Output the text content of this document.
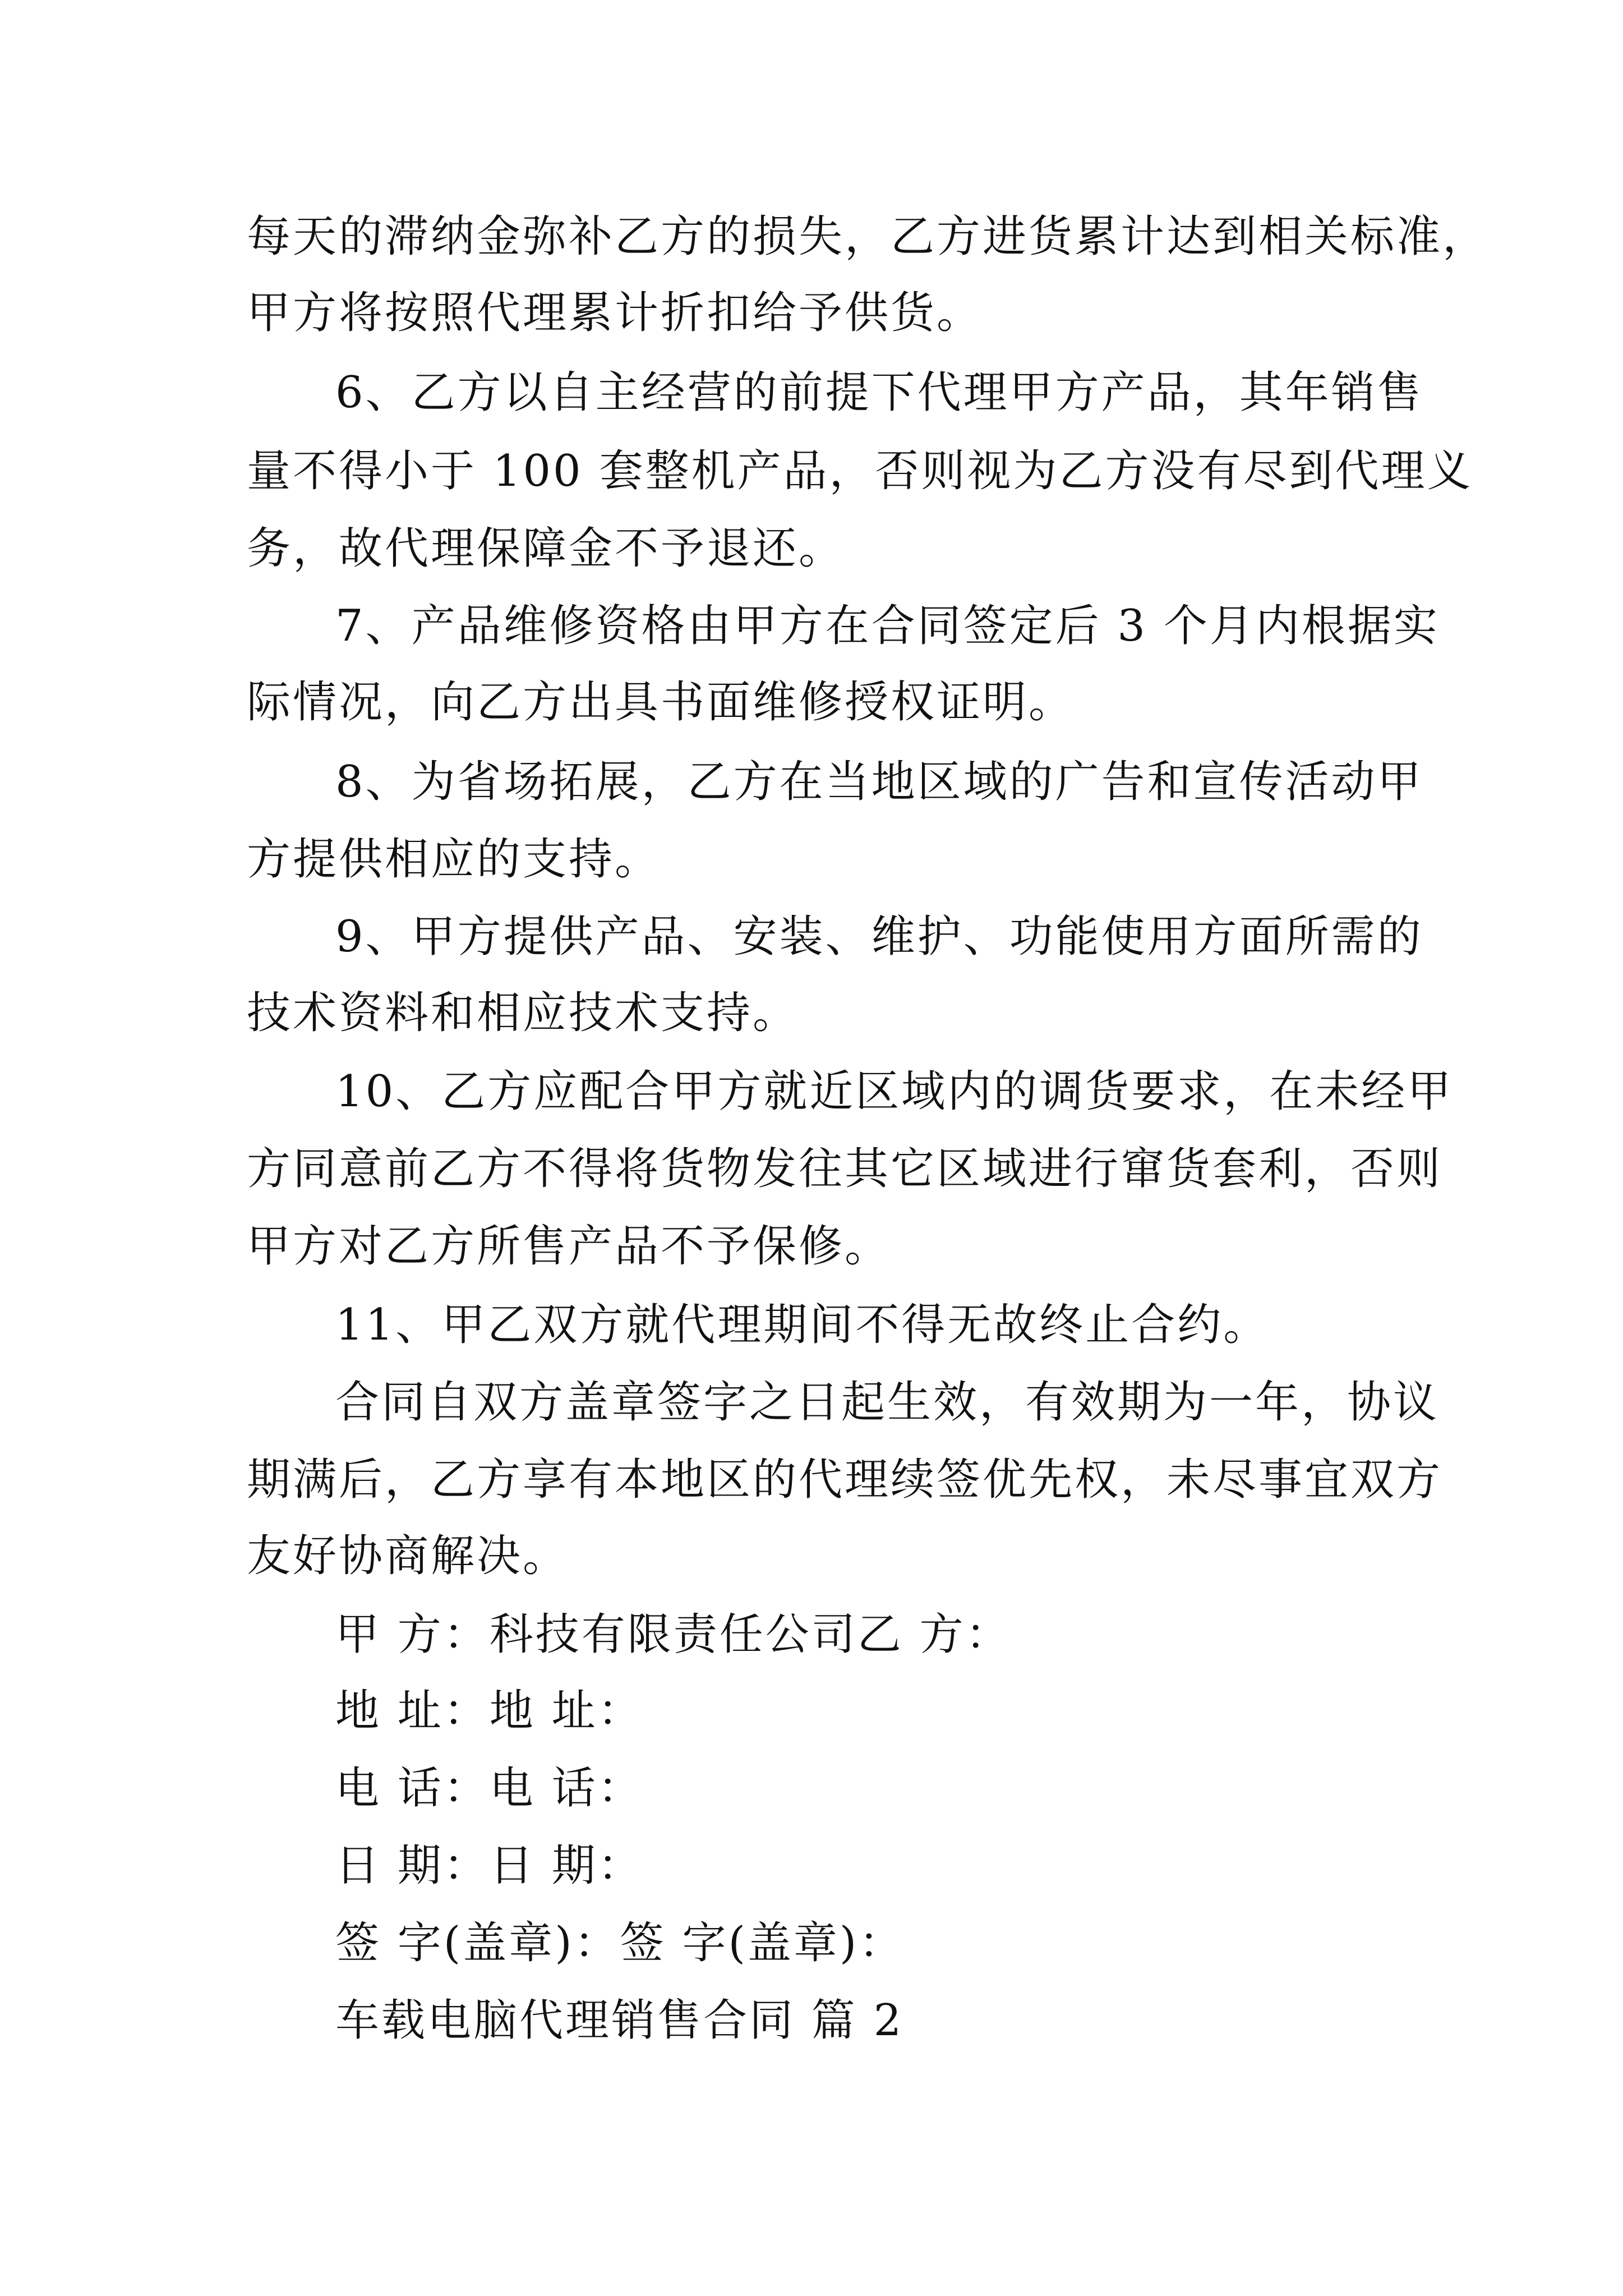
每天的滞纳金弥补乙方的损失，乙方进货累计达到相关标准，
甲方将按照代理累计折扣给予供货。
6、乙方以自主经营的前提下代理甲方产品，其年销售
量不得小于 100 套整机产品，否则视为乙方没有尽到代理义
务，故代理保障金不予退还。
7、产品维修资格由甲方在合同签定后 3 个月内根据实
际情况，向乙方出具书面维修授权证明。
8、为省场拓展，乙方在当地区域的广告和宣传活动甲
方提供相应的支持。
9、甲方提供产品、安装、维护、功能使用方面所需的
技术资料和相应技术支持。
10、乙方应配合甲方就近区域内的调货要求，在未经甲
方同意前乙方不得将货物发往其它区域进行窜货套利，否则
甲方对乙方所售产品不予保修。
11、甲乙双方就代理期间不得无故终止合约。
合同自双方盖章签字之日起生效，有效期为一年，协议
期满后，乙方享有本地区的代理续签优先权，未尽事宜双方
友好协商解决。
甲 方：科技有限责任公司乙 方：
地 址：地 址：
电 话：电 话：
日 期：日 期：
签 字(盖章)：签 字(盖章)：
车载电脑代理销售合同 篇 2
